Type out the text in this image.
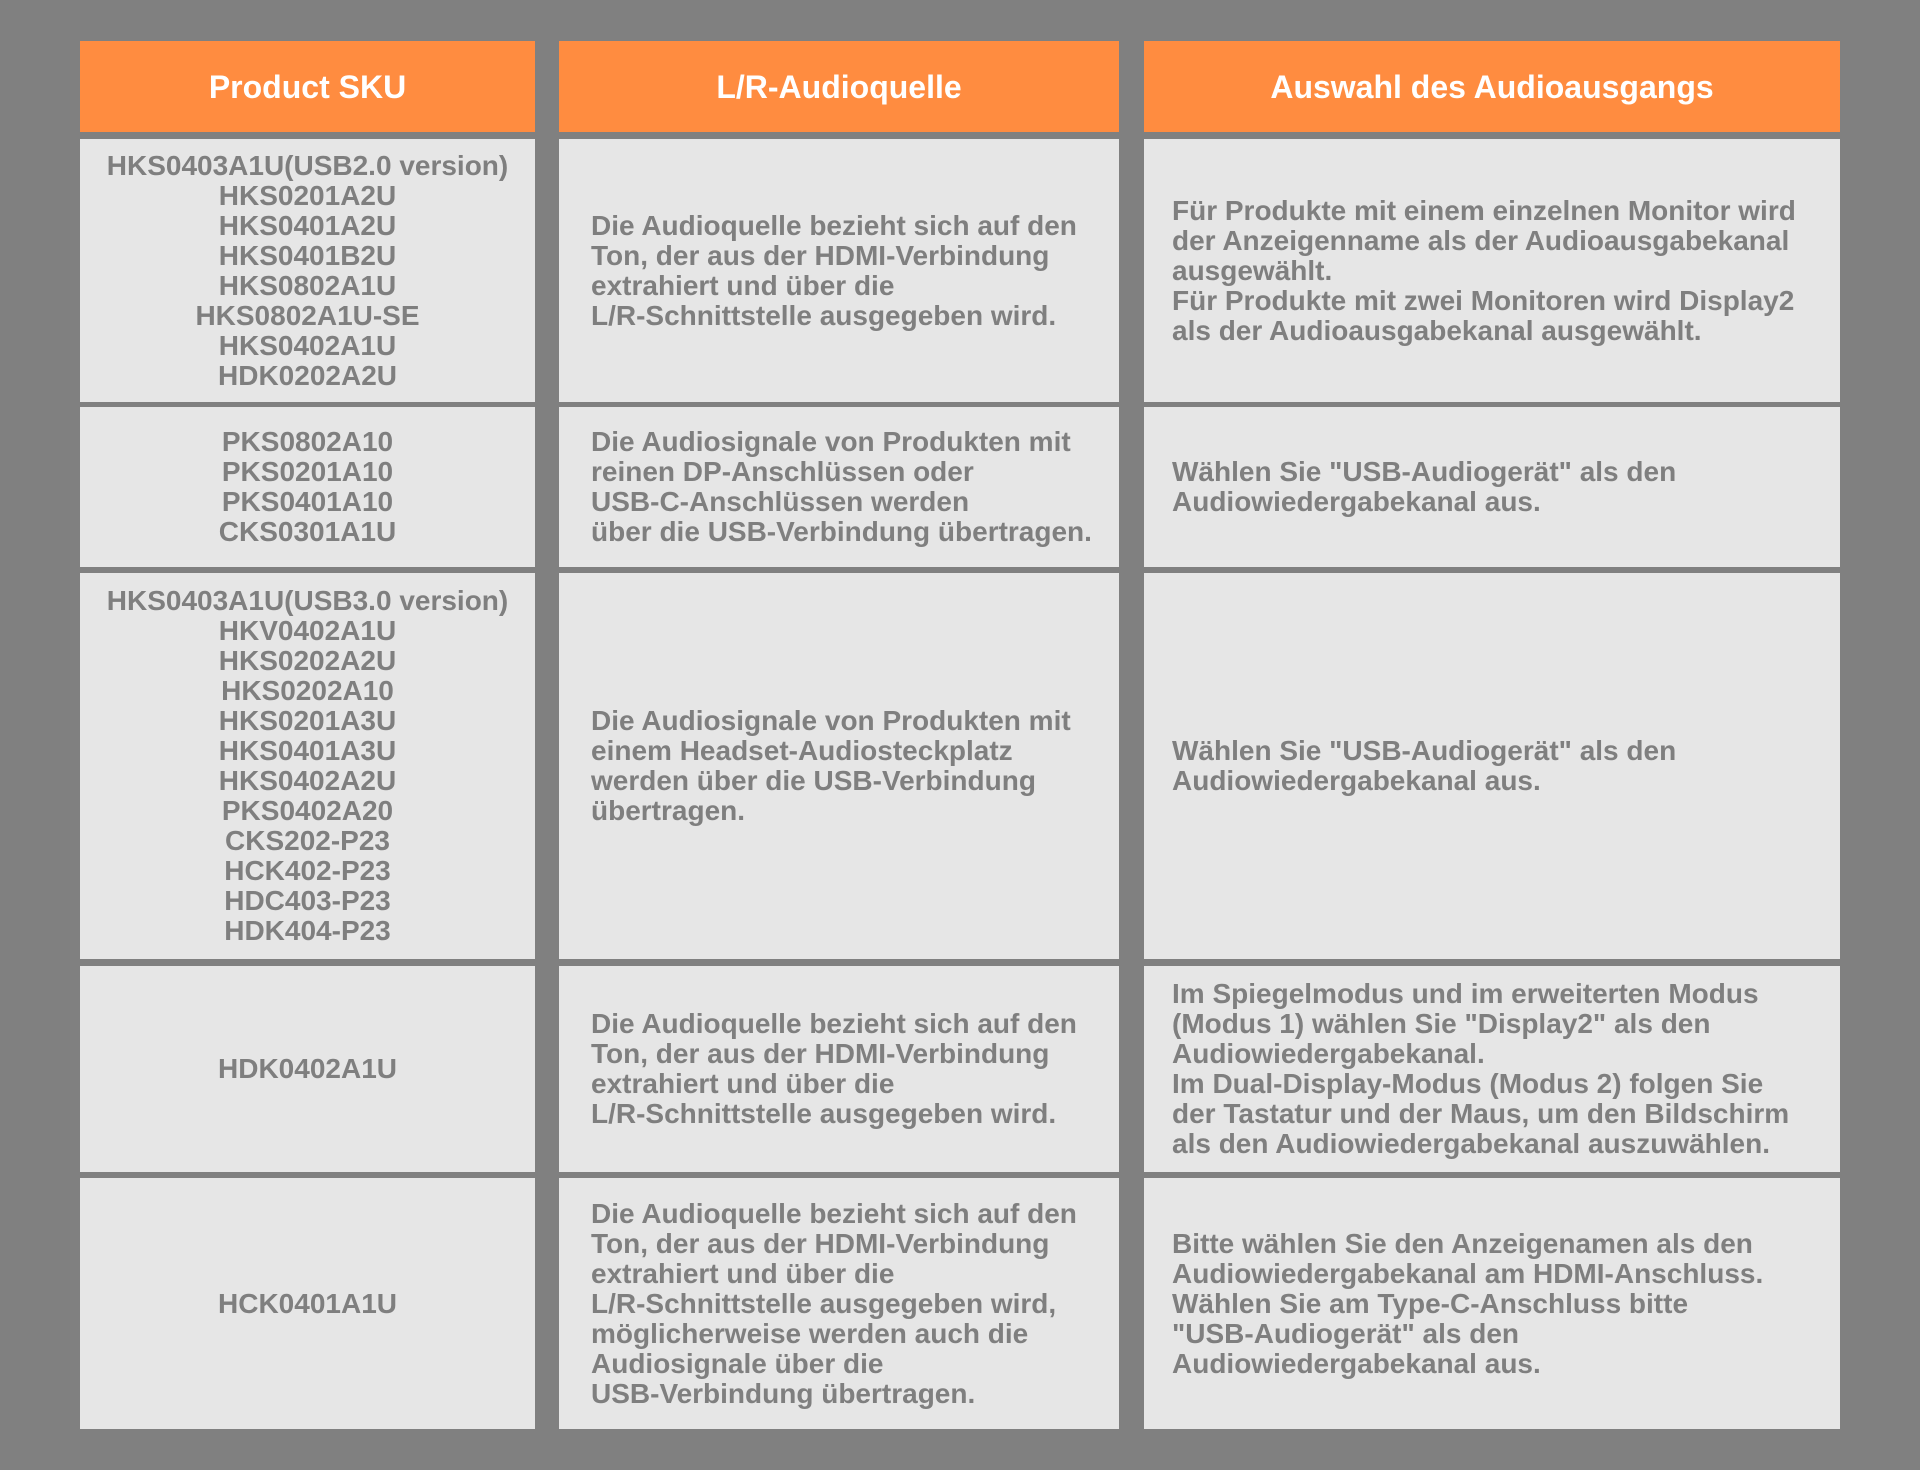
Product SKU	L/R-Audioquelle	Auswahl des Audioausgangs
HKS0403A1U(USB2.0 version)
HKS0201A2U
HKS0401A2U
HKS0401B2U
HKS0802A1U
HKS0802A1U-SE
HKS0402A1U
HDK0202A2U
Die Audioquelle bezieht sich auf den
Ton, der aus der HDMI-Verbindung
extrahiert und über die
L/R-Schnittstelle ausgegeben wird.
Für Produkte mit einem einzelnen Monitor wird
der Anzeigenname als der Audioausgabekanal
ausgewählt.
Für Produkte mit zwei Monitoren wird Display2
als der Audioausgabekanal ausgewählt.
PKS0802A10
PKS0201A10
PKS0401A10
CKS0301A1U
Die Audiosignale von Produkten mit
reinen DP-Anschlüssen oder
USB-C-Anschlüssen werden
über die USB-Verbindung übertragen.
Wählen Sie "USB-Audiogerät" als den
Audiowiedergabekanal aus.
HKS0403A1U(USB3.0 version)
HKV0402A1U
HKS0202A2U
HKS0202A10
HKS0201A3U
HKS0401A3U
HKS0402A2U
PKS0402A20
CKS202-P23
HCK402-P23
HDC403-P23
HDK404-P23
Die Audiosignale von Produkten mit
einem Headset-Audiosteckplatz
werden über die USB-Verbindung
übertragen.
Wählen Sie "USB-Audiogerät" als den
Audiowiedergabekanal aus.
HDK0402A1U
Die Audioquelle bezieht sich auf den
Ton, der aus der HDMI-Verbindung
extrahiert und über die
L/R-Schnittstelle ausgegeben wird.
Im Spiegelmodus und im erweiterten Modus
(Modus 1) wählen Sie "Display2" als den
Audiowiedergabekanal.
Im Dual-Display-Modus (Modus 2) folgen Sie
der Tastatur und der Maus, um den Bildschirm
als den Audiowiedergabekanal auszuwählen.
HCK0401A1U
Die Audioquelle bezieht sich auf den
Ton, der aus der HDMI-Verbindung
extrahiert und über die
L/R-Schnittstelle ausgegeben wird,
möglicherweise werden auch die
Audiosignale über die
USB-Verbindung übertragen.
Bitte wählen Sie den Anzeigenamen als den
Audiowiedergabekanal am HDMI-Anschluss.
Wählen Sie am Type-C-Anschluss bitte
"USB-Audiogerät" als den
Audiowiedergabekanal aus.
